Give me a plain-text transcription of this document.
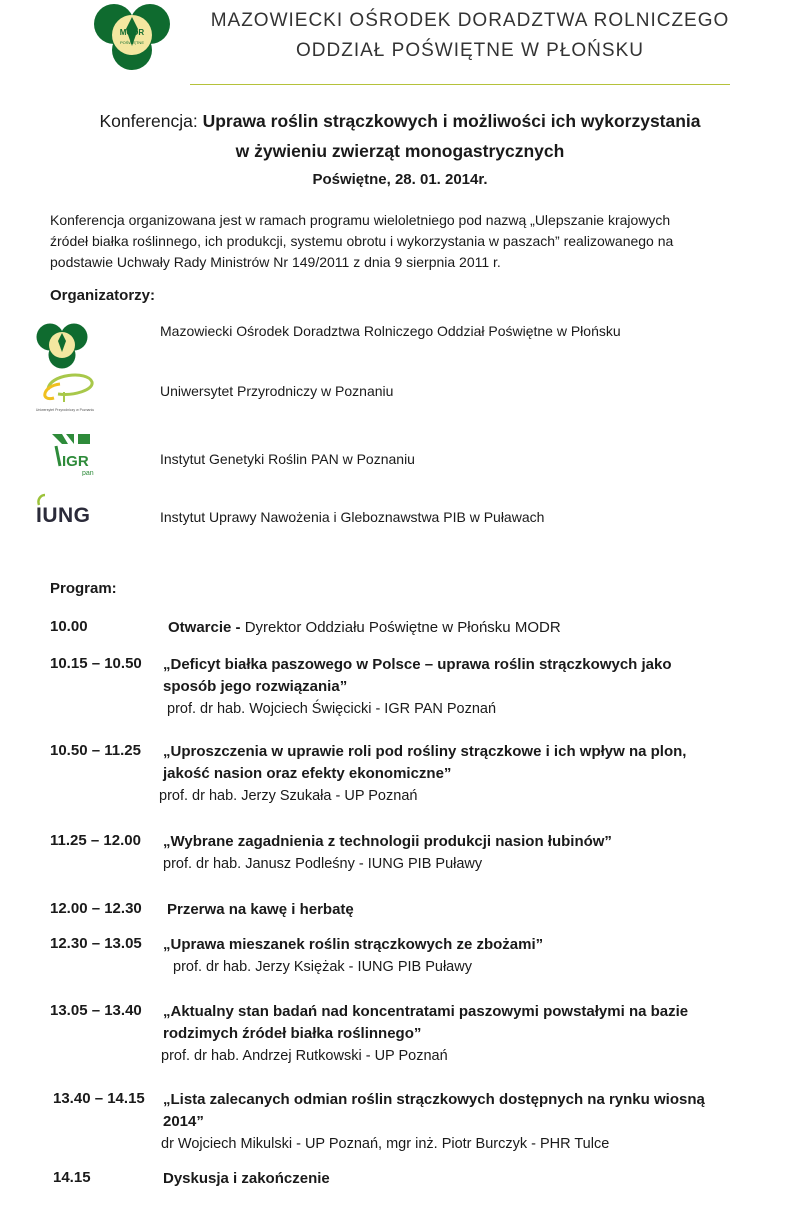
MODR
POŚWIĘTNE
MAZOWIECKI OŚRODEK DORADZTWA ROLNICZEGO
ODDZIAŁ POŚWIĘTNE W PŁOŃSKU
Konferencja: Uprawa roślin strączkowych i możliwości ich wykorzystania
w żywieniu zwierząt monogastrycznych
Poświętne, 28. 01. 2014r.
Konferencja organizowana jest w ramach programu wieloletniego pod nazwą „Ulepszanie krajowych
źródeł białka roślinnego, ich produkcji, systemu obrotu i wykorzystania w paszach” realizowanego na
podstawie Uchwały Rady Ministrów Nr 149/2011 z dnia 9 sierpnia 2011 r.
Organizatorzy:
Mazowiecki Ośrodek Doradztwa Rolniczego Oddział Poświętne w Płońsku
Uniwersytet Przyrodniczy w Poznaniu
Uniwersytet Przyrodniczy w Poznaniu
IGR
pan
Instytut Genetyki Roślin PAN w Poznaniu
IUNG	Instytut Uprawy Nawożenia i Gleboznawstwa PIB w Puławach
Program:
10.00	Otwarcie - Dyrektor Oddziału Poświętne w Płońsku MODR
10.15 – 10.50 „Deficyt białka paszowego w Polsce – uprawa roślin strączkowych jako
sposób jego rozwiązania”
prof. dr hab. Wojciech Święcicki - IGR PAN Poznań
10.50 – 11.25 „Uproszczenia w uprawie roli pod rośliny strączkowe i ich wpływ na plon,
jakość nasion oraz efekty ekonomiczne”
prof. dr hab. Jerzy Szukała - UP Poznań
11.25 – 12.00 „Wybrane zagadnienia z technologii produkcji nasion łubinów”
prof. dr hab. Janusz Podleśny - IUNG PIB Puławy
12.00 – 12.30 Przerwa na kawę i herbatę
12.30 – 13.05 „Uprawa mieszanek roślin strączkowych ze zbożami”
prof. dr hab. Jerzy Księżak - IUNG PIB Puławy
13.05 – 13.40 „Aktualny stan badań nad koncentratami paszowymi powstałymi na bazie
rodzimych źródeł białka roślinnego”
prof. dr hab. Andrzej Rutkowski - UP Poznań
13.40 – 14.15 „Lista zalecanych odmian roślin strączkowych dostępnych na rynku wiosną
2014”
dr Wojciech Mikulski - UP Poznań, mgr inż. Piotr Burczyk - PHR Tulce
14.15	Dyskusja i zakończenie
